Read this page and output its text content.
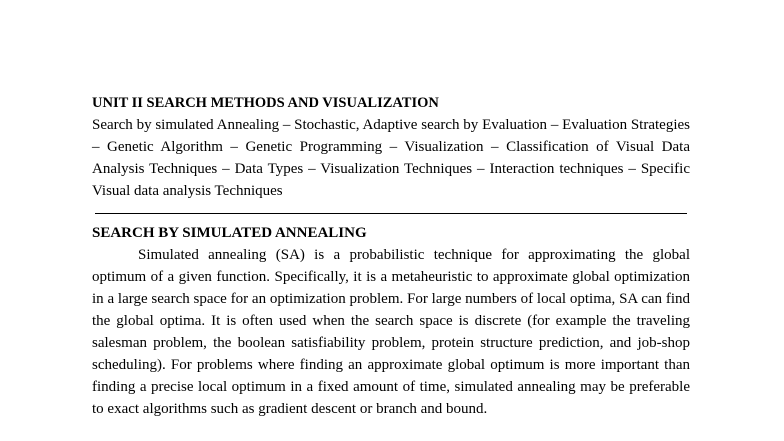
UNIT II SEARCH METHODS AND VISUALIZATION

Search by simulated Annealing – Stochastic, Adaptive search by Evaluation – Evaluation Strategies – Genetic Algorithm – Genetic Programming – Visualization – Classification of Visual Data Analysis Techniques – Data Types – Visualization Techniques – Interaction techniques – Specific Visual data analysis Techniques

SEARCH BY SIMULATED ANNEALING

Simulated annealing (SA) is a probabilistic technique for approximating the global optimum of a given function. Specifically, it is a metaheuristic to approximate global optimization in a large search space for an optimization problem. For large numbers of local optima, SA can find the global optima. It is often used when the search space is discrete (for example the traveling salesman problem, the boolean satisfiability problem, protein structure prediction, and job-shop scheduling). For problems where finding an approximate global optimum is more important than finding a precise local optimum in a fixed amount of time, simulated annealing may be preferable to exact algorithms such as gradient descent or branch and bound.
